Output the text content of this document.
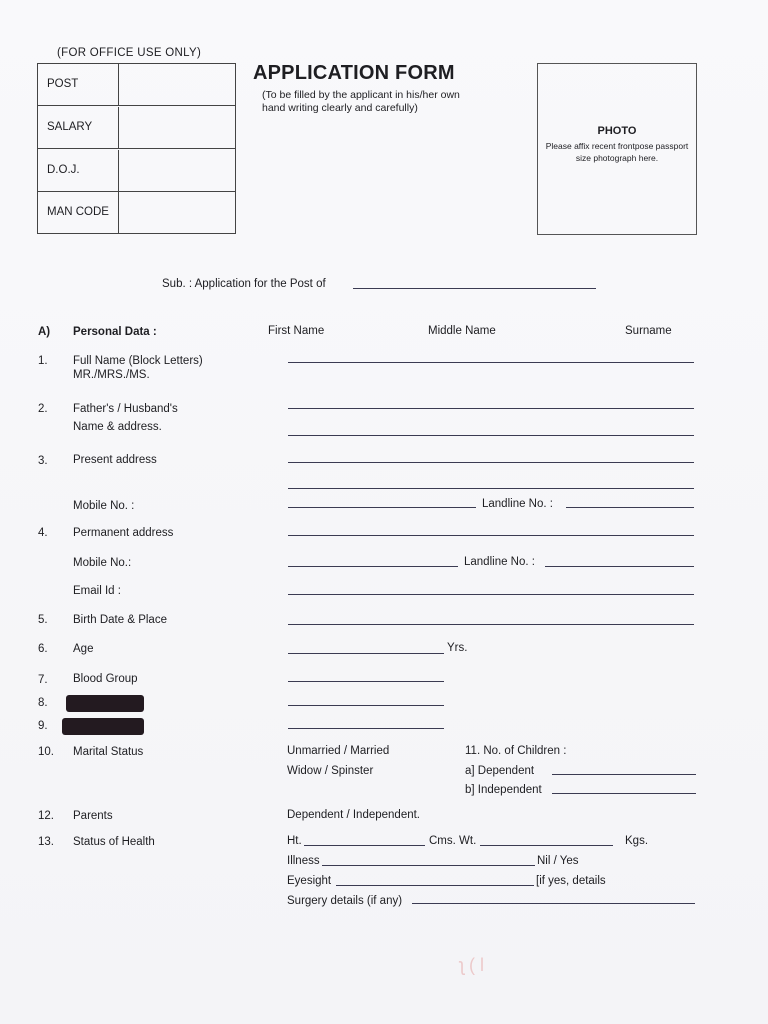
(FOR OFFICE USE ONLY)
POST
SALARY
D.O.J.
MAN CODE
APPLICATION FORM
(To be filled by the applicant in his/her own hand writing clearly and carefully)
PHOTO
Please affix recent frontpose passport size photograph here.
Sub. : Application for the Post of
A) Personal Data :	First Name	Middle Name	Surname
1. Full Name (Block Letters)
MR./MRS./MS.
2. Father's / Husband's
Name & address.
3. Present address
Mobile No. :	Landline No. :
4. Permanent address
Mobile No.:	Landline No. :
Email Id :
5. Birth Date & Place
6. Age	Yrs.
7. Blood Group
8.
9.
10. Marital Status	Unmarried / Married
Widow / Spinster
11. No. of Children :
a] Dependent
b] Independent
12. Parents	Dependent / Independent.
13. Status of Health	Ht.	Cms. Wt.	Kgs.
Illness	Nil / Yes
Eyesight	[if yes, details
Surgery details (if any)
ʅ ( l
